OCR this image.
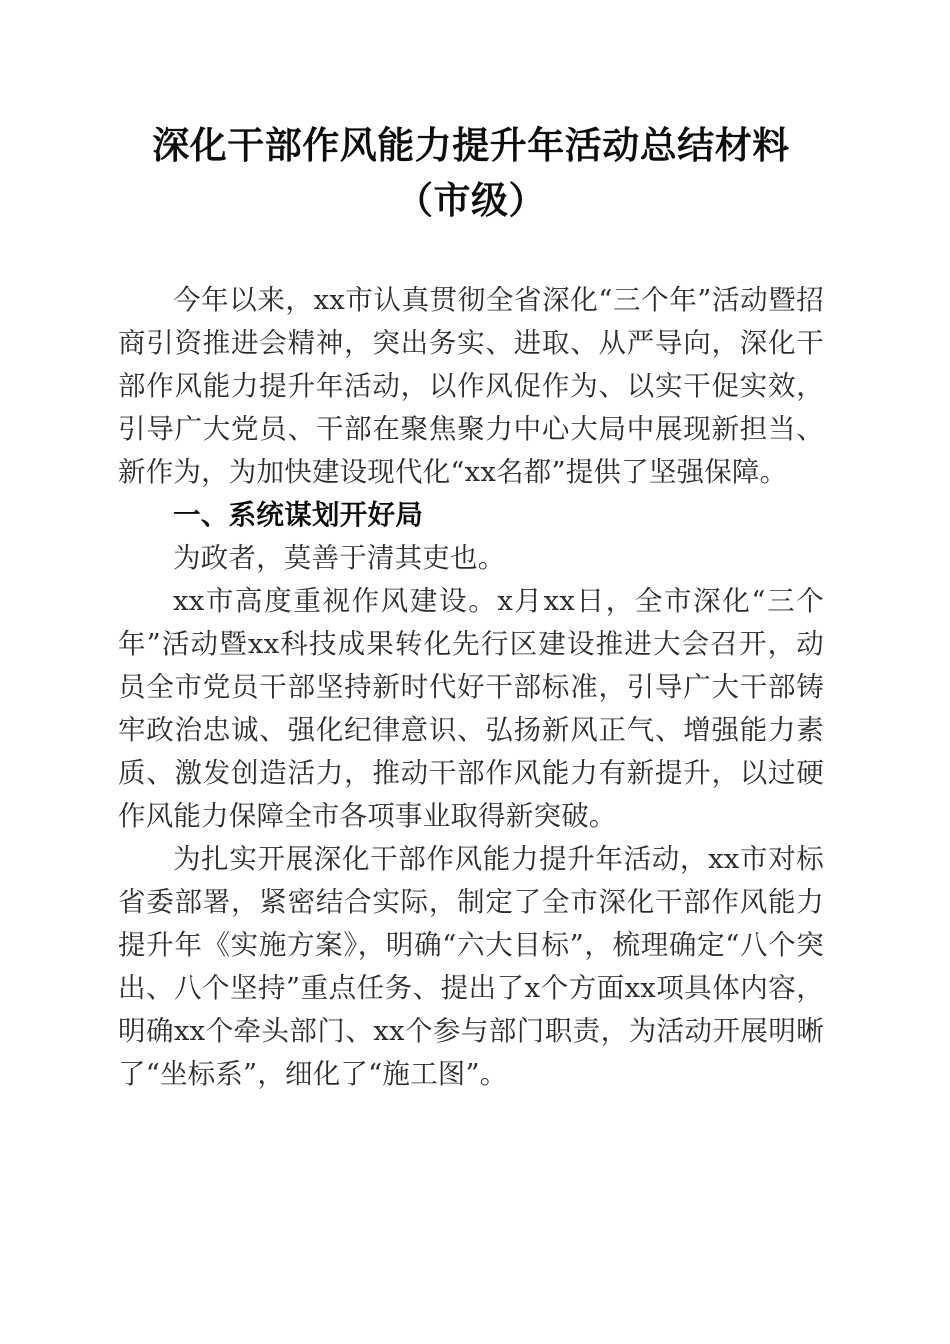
深化干部作风能力提升年活动总结材料（市级）

今年以来，xx市认真贯彻全省深化“三个年”活动暨招商引资推进会精神，突出务实、进取、从严导向，深化干部作风能力提升年活动，以作风促作为、以实干促实效，引导广大党员、干部在聚焦聚力中心大局中展现新担当、新作为，为加快建设现代化“xx名都”提供了坚强保障。

一、系统谋划开好局

为政者，莫善于清其吏也。

xx市高度重视作风建设。x月xx日，全市深化“三个年”活动暨xx科技成果转化先行区建设推进大会召开，动员全市党员干部坚持新时代好干部标准，引导广大干部铸牢政治忠诚、强化纪律意识、弘扬新风正气、增强能力素质、激发创造活力，推动干部作风能力有新提升，以过硬作风能力保障全市各项事业取得新突破。

为扎实开展深化干部作风能力提升年活动，xx市对标省委部署，紧密结合实际，制定了全市深化干部作风能力提升年《实施方案》，明确“六大目标”，梳理确定“八个突出、八个坚持”重点任务、提出了x个方面xx项具体内容，明确xx个牵头部门、xx个参与部门职责，为活动开展明晰了“坐标系”，细化了“施工图”。
